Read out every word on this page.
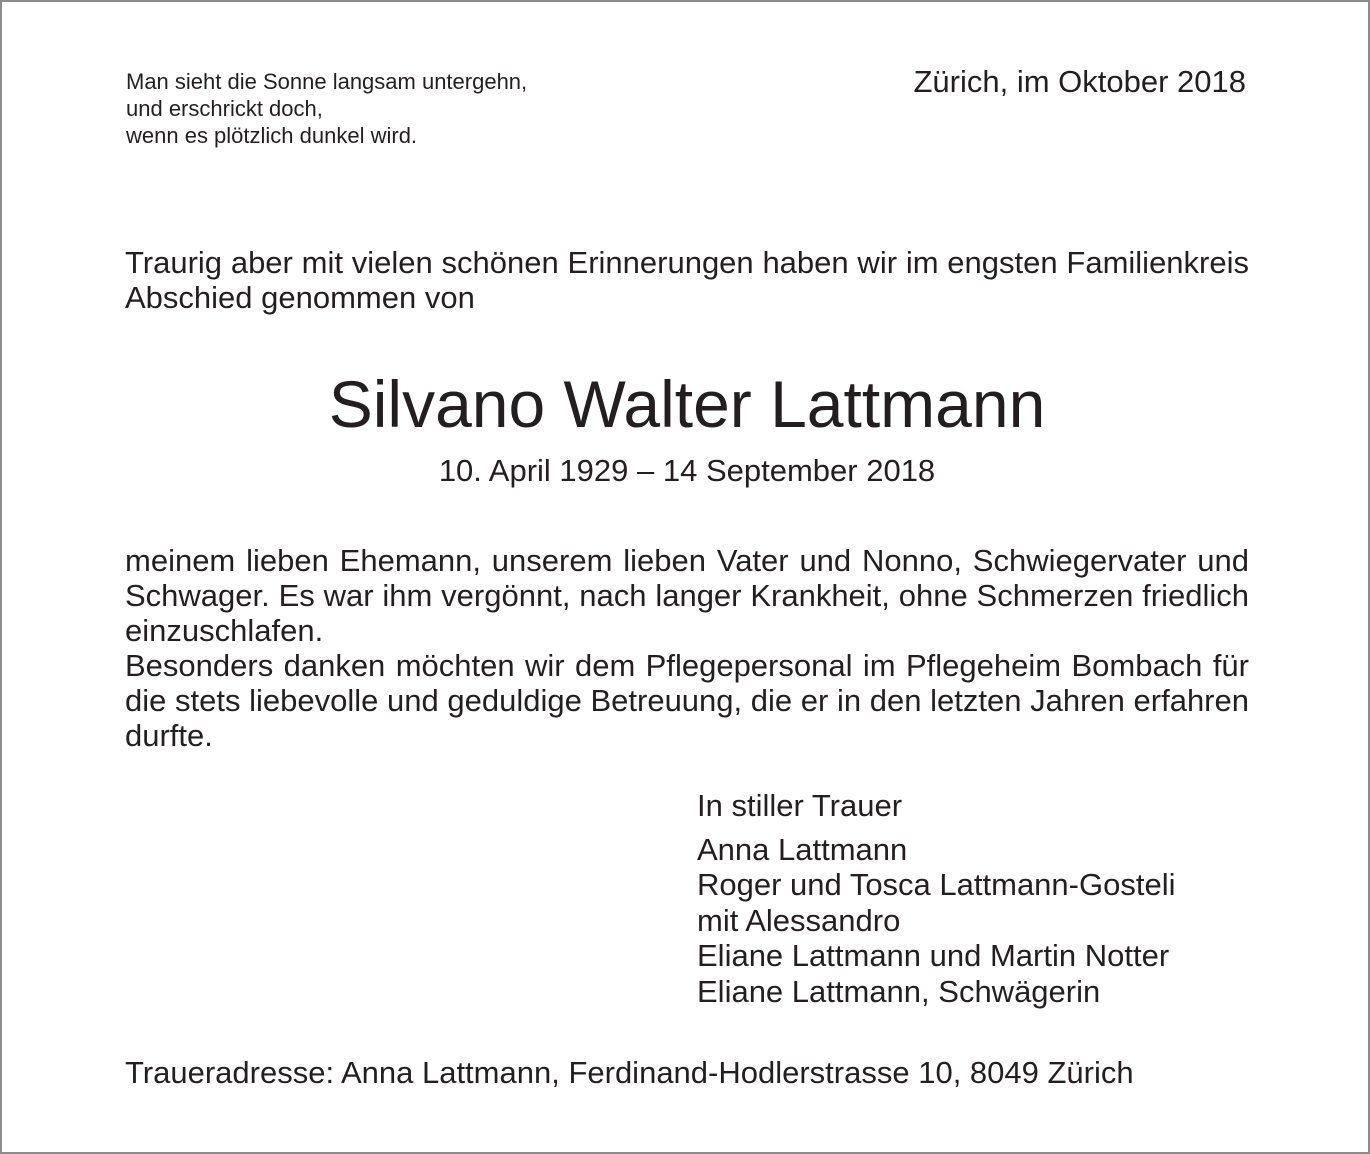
Man sieht die Sonne langsam untergehn,
und erschrickt doch,
wenn es plötzlich dunkel wird.
Zürich, im Oktober 2018
Traurig aber mit vielen schönen Erinnerungen haben wir im engsten Familienkreis Abschied genommen von
Silvano Walter Lattmann
10. April 1929 – 14 September 2018

meinem lieben Ehemann, unserem lieben Vater und Nonno, Schwiegervater und Schwager. Es war ihm vergönnt, nach langer Krankheit, ohne Schmerzen friedlich einzuschlafen.

Besonders danken möchten wir dem Pflegepersonal im Pflegeheim Bombach für die stets liebevolle und geduldige Betreuung, die er in den letzten Jahren erfahren durfte.

In stiller Trauer
Anna Lattmann
Roger und Tosca Lattmann-Gosteli
mit Alessandro
Eliane Lattmann und Martin Notter
Eliane Lattmann, Schwägerin
Traueradresse: Anna Lattmann, Ferdinand-Hodlerstrasse 10, 8049 Zürich
